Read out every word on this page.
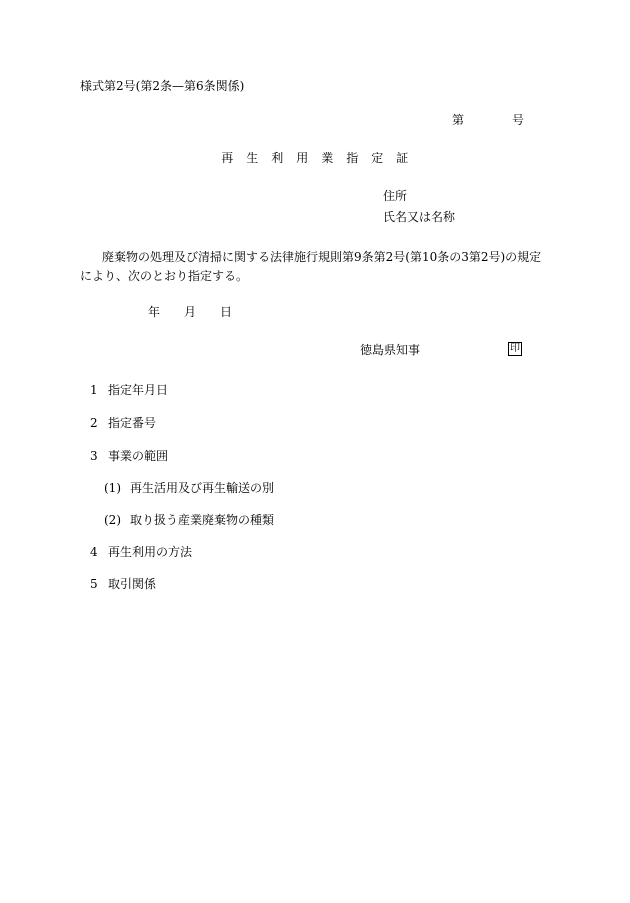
様式第2号(第2条—第6条関係)
第	号
再　生　利　用　業　指　定　証
住所
氏名又は名称
廃棄物の処理及び清掃に関する法律施行規則第9条第2号(第10条の3第2号)の規定により、次のとおり指定する。
年 月 日
徳島県知事	印
1 指定年月日
2 指定番号
3 事業の範囲
(1) 再生活用及び再生輸送の別
(2) 取り扱う産業廃棄物の種類
4 再生利用の方法
5 取引関係
